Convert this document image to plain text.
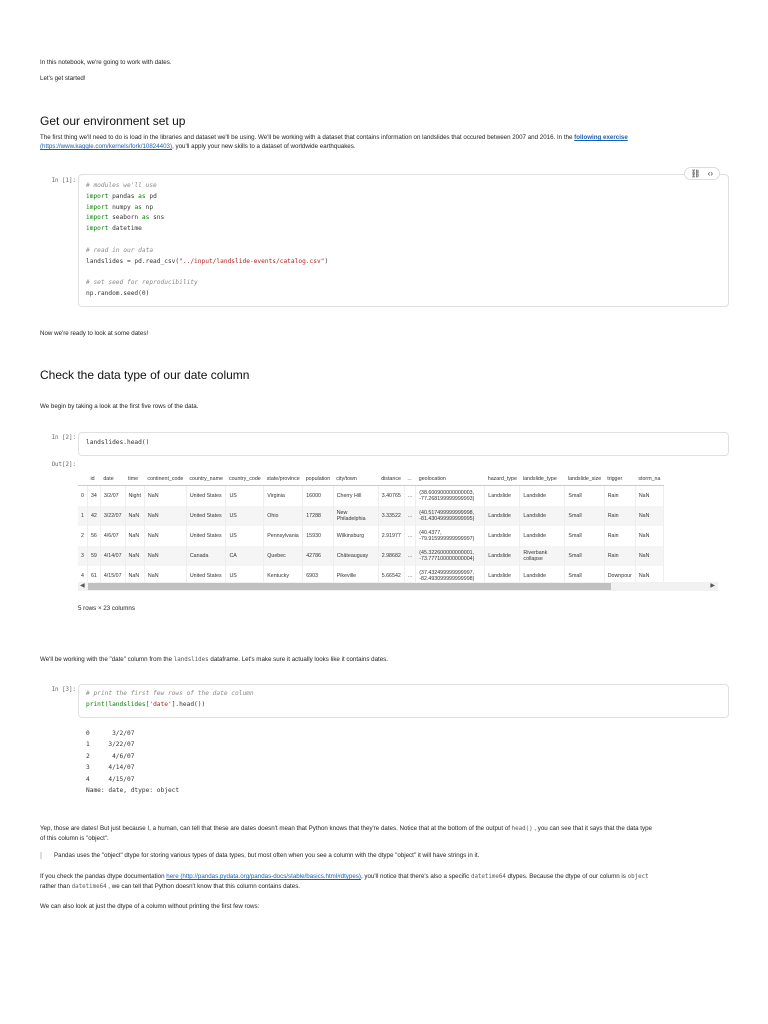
In this notebook, we're going to work with dates.
Let's get started!
Get our environment set up
The first thing we'll need to do is load in the libraries and dataset we'll be using. We'll be working with a dataset that contains information on landslides that occured between 2007 and 2016. In the following exercise
(https://www.kaggle.com/kernels/fork/10824403), you'll apply your new skills to a dataset of worldwide earthquakes.
In [1]:
⛓ ‹›
# modules we'll use
import pandas as pd
import numpy as np
import seaborn as sns
import datetime

# read in our data
landslides = pd.read_csv("../input/landslide-events/catalog.csv")

# set seed for reproducibility
np.random.seed(0)
Now we're ready to look at some dates!
Check the data type of our date column
We begin by taking a look at the first five rows of the data.
In [2]:
landslides.head()
Out[2]:
	id	date	time	continent_code	country_name	country_code	state/province	population	city/town	distance	...	geolocation	hazard_type	landslide_type	landslide_size	trigger	storm_na
0	34	3/2/07	Night	NaN	United States	US	Virginia	16000	Cherry Hill	3.40765	...	(38.600900000000003, -77.268199999999993)	Landslide	Landslide	Small	Rain	NaN
1	42	3/22/07	NaN	NaN	United States	US	Ohio	17288	New Philadelphia	3.33522	...	(40.517499999999998, -81.430499999999995)	Landslide	Landslide	Small	Rain	NaN
2	56	4/6/07	NaN	NaN	United States	US	Pennsylvania	15930	Wilkinsburg	2.91977	...	(40.4377, -79.915999999999997)	Landslide	Landslide	Small	Rain	NaN
3	59	4/14/07	NaN	NaN	Canada	CA	Quebec	42786	Châteauguay	2.98682	...	(45.322600000000001, -73.777100000000004)	Landslide	Riverbank collapse	Small	Rain	NaN
4	61	4/15/07	NaN	NaN	United States	US	Kentucky	6903	Pikeville	5.66542	...	(37.432499999999997, -82.493099999999998)	Landslide	Landslide	Small	Downpour	NaN
◀	▶
5 rows × 23 columns
We'll be working with the "date" column from the landslides dataframe. Let's make sure it actually looks like it contains dates.
In [3]:	# print the first few rows of the date column
print(landslides['date'].head())
0      3/2/07
1     3/22/07
2      4/6/07
3     4/14/07
4     4/15/07
Name: date, dtype: object
Yep, those are dates! But just because I, a human, can tell that these are dates doesn't mean that Python knows that they're dates. Notice that at the bottom of the output of head() , you can see that it says that the data type
of this column is "object".
Pandas uses the "object" dtype for storing various types of data types, but most often when you see a column with the dtype "object" it will have strings in it.
If you check the pandas dtype documentation here (http://pandas.pydata.org/pandas-docs/stable/basics.html#dtypes), you'll notice that there's also a specific datetime64 dtypes. Because the dtype of our column is object
rather than datetime64 , we can tell that Python doesn't know that this column contains dates.
We can also look at just the dtype of a column without printing the first few rows:
